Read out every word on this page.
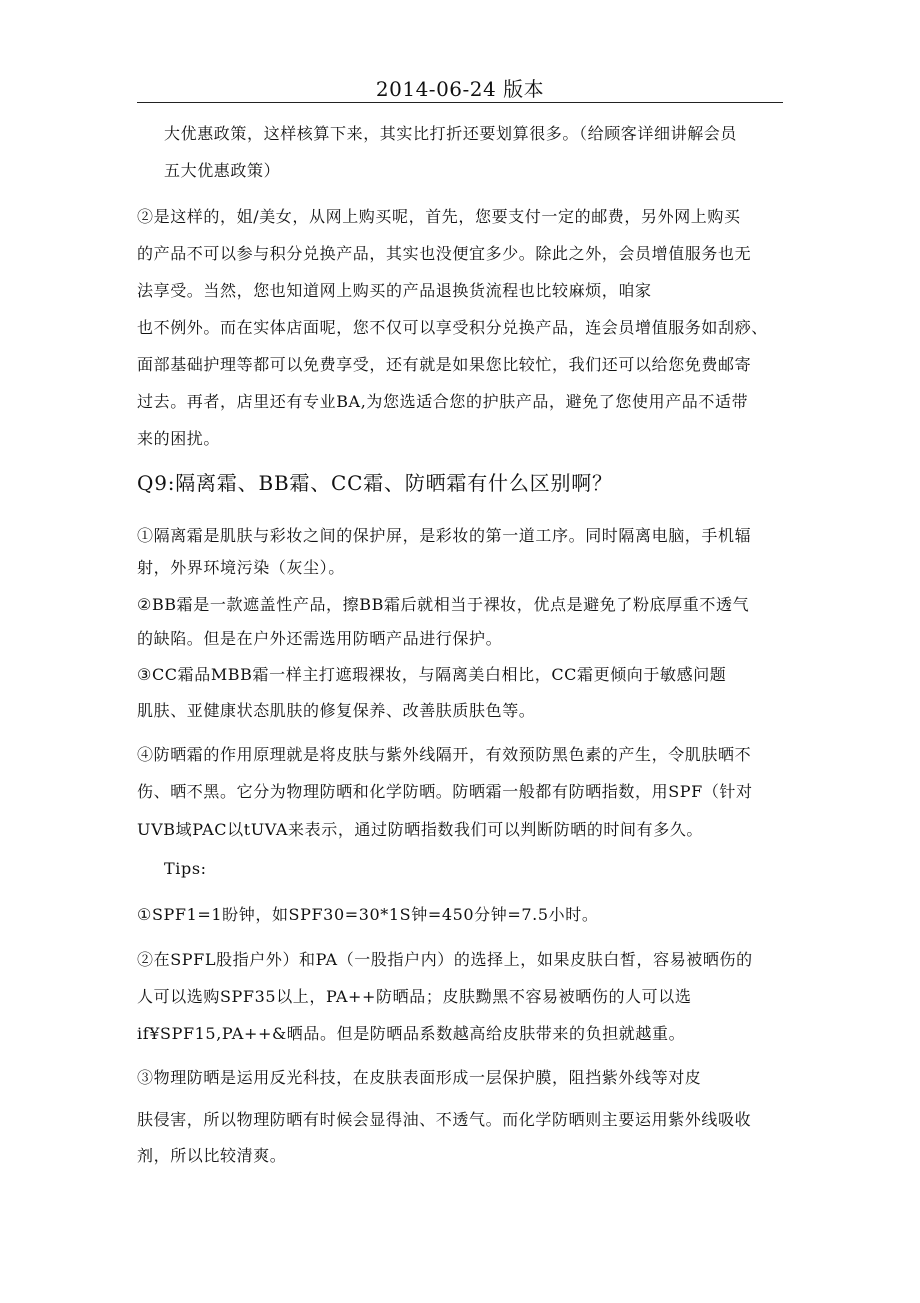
2014-06-24 版本
大优惠政策，这样核算下来，其实比打折还要划算很多。（给顾客详细讲解会员
五大优惠政策）
②是这样的，姐/美女，从网上购买呢，首先，您要支付一定的邮费，另外网上购买
的产品不可以参与积分兑换产品，其实也没便宜多少。除此之外，会员增值服务也无
法享受。当然，您也知道网上购买的产品退换货流程也比较麻烦，咱家
也不例外。而在实体店面呢，您不仅可以享受积分兑换产品，连会员增值服务如刮痧、
面部基础护理等都可以免费享受，还有就是如果您比较忙，我们还可以给您免费邮寄
过去。再者，店里还有专业BA,为您选适合您的护肤产品，避免了您使用产品不适带
来的困扰。
Q9:隔离霜、BB霜、CC霜、防晒霜有什么区别啊？
①隔离霜是肌肤与彩妆之间的保护屏，是彩妆的第一道工序。同时隔离电脑，手机辐
射，外界环境污染（灰尘）。
②BB霜是一款遮盖性产品，擦BB霜后就相当于裸妆，优点是避免了粉底厚重不透气
的缺陷。但是在户外还需选用防晒产品进行保护。
③CC霜品MBB霜一样主打遮瑕裸妆，与隔离美白相比，CC霜更倾向于敏感问题
肌肤、亚健康状态肌肤的修复保养、改善肤质肤色等。
④防晒霜的作用原理就是将皮肤与紫外线隔开，有效预防黑色素的产生，令肌肤晒不
伤、晒不黑。它分为物理防晒和化学防晒。防晒霜一般都有防晒指数，用SPF（针对
UVB域PAC以tUVA来表示，通过防晒指数我们可以判断防晒的时间有多久。
Tips:
①SPF1=1盼钟，如SPF30=30*1S钟=450分钟=7.5小时。
②在SPFL股指户外）和PA（一股指户内）的选择上，如果皮肤白皙，容易被晒伤的
人可以选购SPF35以上，PA++防晒品；皮肤黝黑不容易被晒伤的人可以选
if¥SPF15,PA++&晒品。但是防晒品系数越高给皮肤带来的负担就越重。
③物理防晒是运用反光科技，在皮肤表面形成一层保护膜，阻挡紫外线等对皮
肤侵害，所以物理防晒有时候会显得油、不透气。而化学防晒则主要运用紫外线吸收
剂，所以比较清爽。
